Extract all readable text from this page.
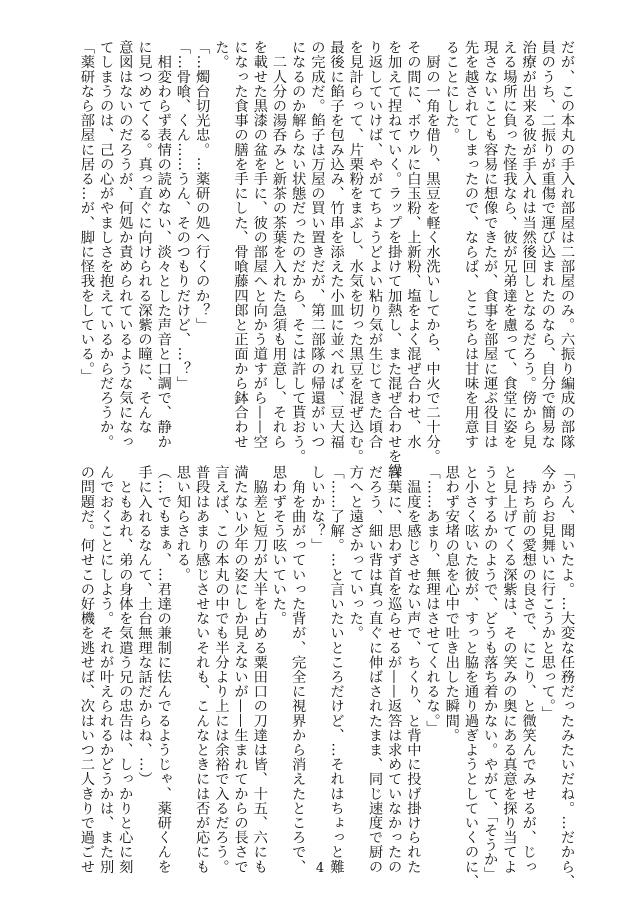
だが、この本丸の手入れ部屋は二部屋のみ。六振り編成の部隊
員のうち、二振りが重傷で運び込まれたのなら、自分で簡易な
治療が出来る彼が手入れは当然後回しとなるだろう。傍から見
える場所に負った怪我なら、彼が兄弟達を慮って、食堂に姿を
現さないことも容易に想像できたが、食事を部屋に運ぶ役目は
先を越されてしまったので、ならば、とこちらは甘味を用意す
ることにした。
　厨の一角を借り、黒豆を軽く水洗いしてから、中火で二十分。
その間に、ボウルに白玉粉、上新粉、塩をよく混ぜ合わせ、水
を加えて捏ねていく。ラップを掛けて加熱し、また混ぜ合わせを繰
り返していけば、やがてちょうどよい粘り気が生じてきた頃合
を見計らって、片栗粉をまぶし、水気を切った黒豆を混ぜ込む。
最後に餡子を包み込み、竹串を添えた小皿に並べれば、豆大福
の完成だ。餡子は万屋の買い置きだが、第二部隊の帰還がいつ
になるのか解らない状態だったのだから、そこは許して貰おう。
　二人分の湯呑みと新茶の茶葉を入れた急須も用意し、それら
を載せた黒漆の盆を手に、彼の部屋へと向かう道すがら——空
になった食事の膳を手にした、骨喰藤四郎と正面から鉢合わせ
た。
「…燭台切光忠。…薬研の処へ行くのか？」
「…骨喰、くん……うん、そのつもりだけど、…？」
　相変わらず表情の読めない、淡々とした声音と口調で、静か
に見つめてくる。真っ直ぐに向けられる深紫の瞳に、そんな
意図はないのだろうが、何処か責められているような気になっ
てしまうのは、己の心がやましさを抱えているからだろうか。
「薬研なら部屋に居る…が、脚に怪我をしている。」
「うん、聞いたよ。…大変な任務だったみたいだね。…だから、
今からお見舞いに行こうかと思って。」
　持ち前の愛想の良さで、にこり、と微笑んでみせるが、じっ
と見上げてくる深紫は、その笑みの奥にある真意を探り当てよ
うとするかのようで、どうも落ち着かない。やがて、「そうか」
と小さく呟いた彼が、すっと脇を通り過ぎようとしていくのに、
思わず安堵の息を心中で吐き出した瞬間。
「……あまり、無理はさせてくれるな。」
　温度を感じさせない声で、ちくり、と背中に投げ掛けられた
言葉に、思わず首を巡らせるが——返答は求めていなかったの
だろう、細い背は真っ直ぐに伸ばされたまま、同じ速度で厨の
方へと遠ざかっていった。
「……了解。…と言いたいところだけど、…それはちょっと難
しいかな？」
　角を曲がっていった背が、完全に視界から消えたところで、
思わずそう呟いていた。
　脇差と短刀が大半を占める粟田口の刀達は皆、十五、六にも
満たない少年の姿にしか見えないが——生まれてからの長さで
言えば、この本丸の中でも半分より上には余裕で入るだろう。
普段はあまり感じさせないそれも、こんなときには否が応にも
思い知らされる。
（…でもまぁ、…君達の兼制に怯んでるようじゃ、薬研くんを
手に入れるなんて、土台無理な話だからね、…）
　ともあれ、弟の身体を気遣う兄の忠告は、しっかりと心に刻
んでおくことにしよう。それが叶えられるかどうかは、また別
の問題だ。何せこの好機を逃せば、次はいつ二人きりで過ごせ	4
